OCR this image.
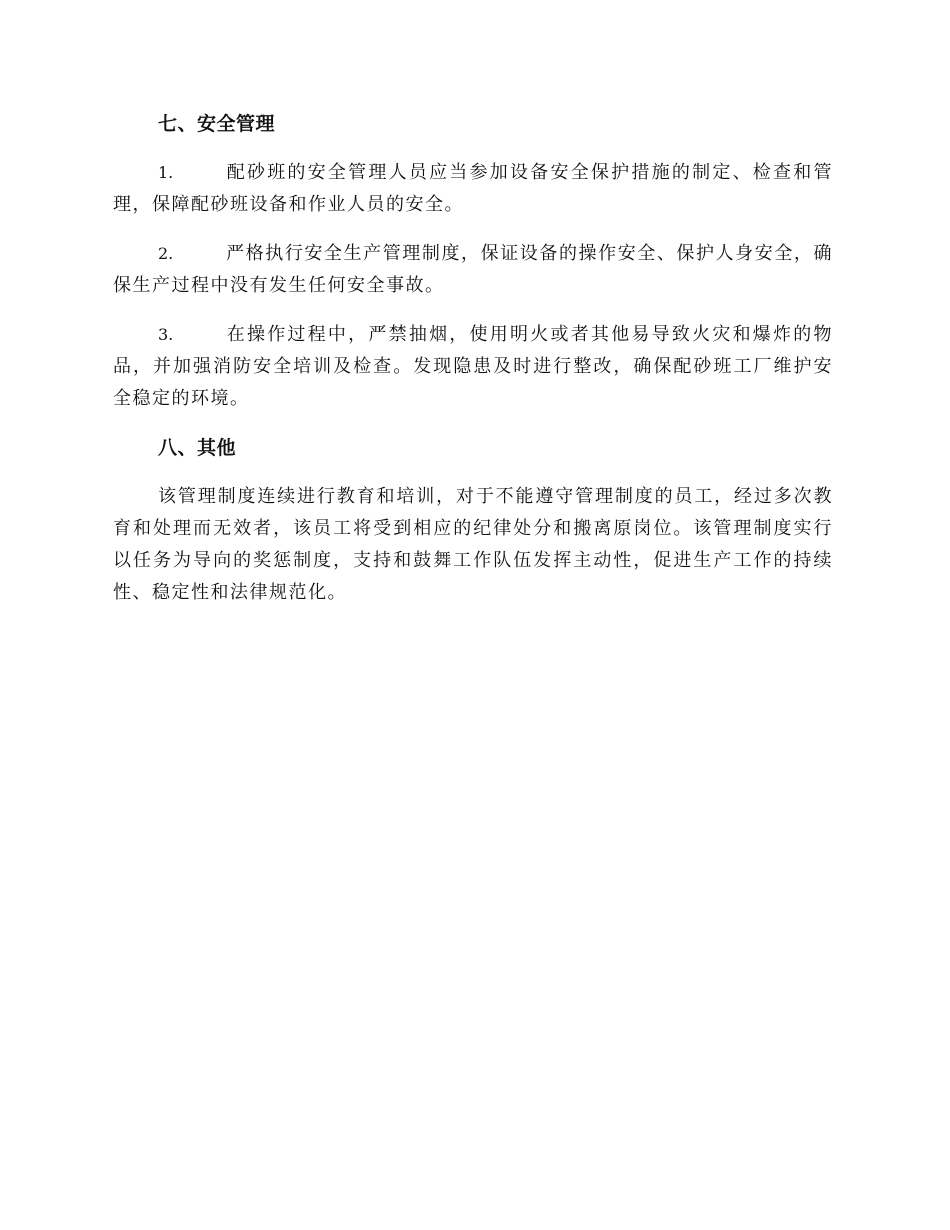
七、安全管理

1.	配砂班的安全管理人员应当参加设备安全保护措施的制定、检查和管理，保障配砂班设备和作业人员的安全。

2.	严格执行安全生产管理制度，保证设备的操作安全、保护人身安全，确保生产过程中没有发生任何安全事故。

3.	在操作过程中，严禁抽烟，使用明火或者其他易导致火灾和爆炸的物品，并加强消防安全培训及检查。发现隐患及时进行整改，确保配砂班工厂维护安全稳定的环境。

八、其他

该管理制度连续进行教育和培训，对于不能遵守管理制度的员工，经过多次教育和处理而无效者，该员工将受到相应的纪律处分和搬离原岗位。该管理制度实行以任务为导向的奖惩制度，支持和鼓舞工作队伍发挥主动性，促进生产工作的持续性、稳定性和法律规范化。
